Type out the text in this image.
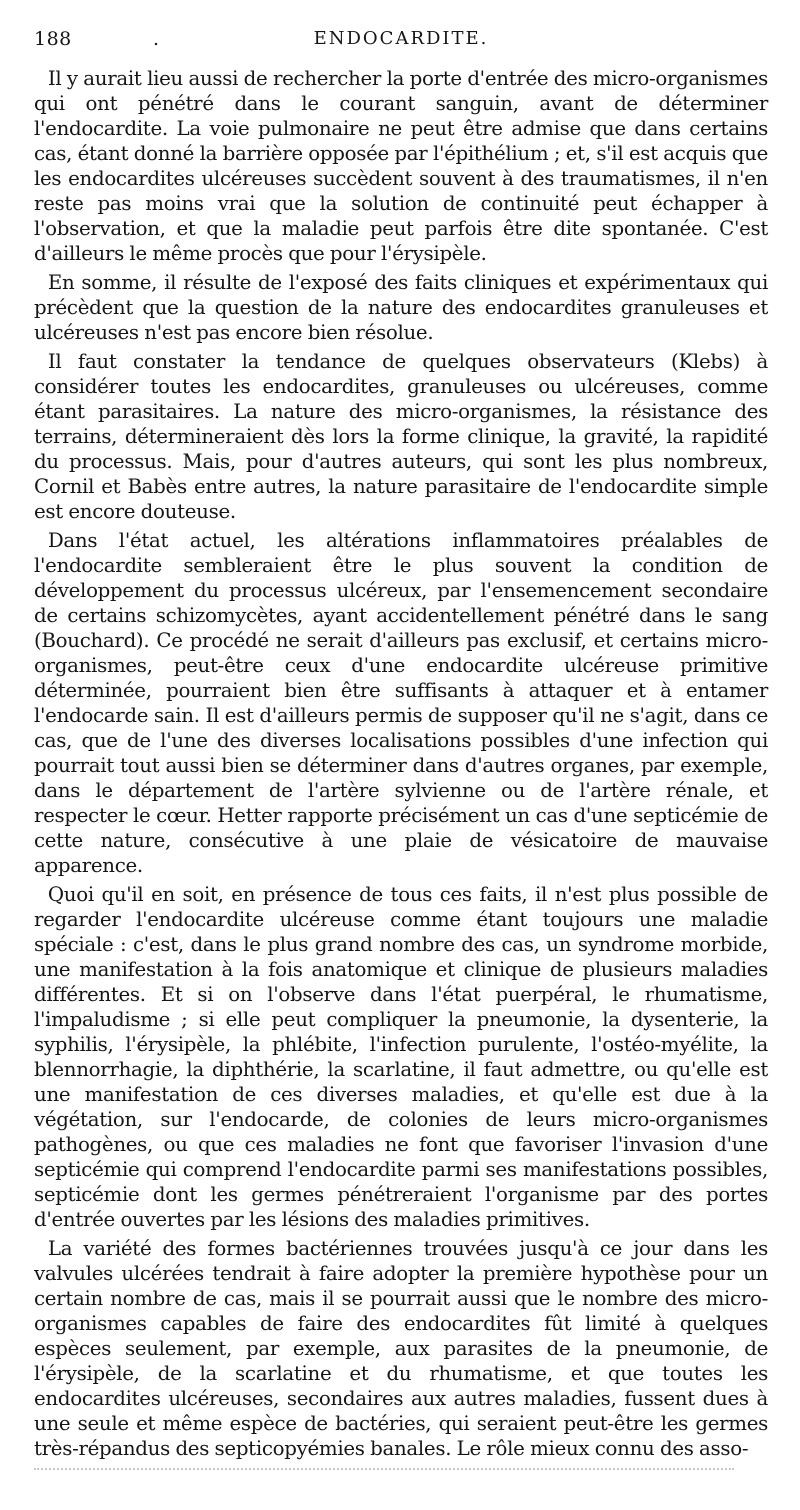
188	.	ENDOCARDITE.

Il y aurait lieu aussi de rechercher la porte d'entrée des micro-organismes qui ont pénétré dans le courant sanguin, avant de déterminer l'endocardite. La voie pulmonaire ne peut être admise que dans certains cas, étant donné la barrière opposée par l'épithélium ; et, s'il est acquis que les endocardites ulcéreuses succèdent souvent à des traumatismes, il n'en reste pas moins vrai que la solution de continuité peut échapper à l'observation, et que la maladie peut parfois être dite spontanée. C'est d'ailleurs le même procès que pour l'érysipèle.

En somme, il résulte de l'exposé des faits cliniques et expérimentaux qui précèdent que la question de la nature des endocardites granuleuses et ulcéreuses n'est pas encore bien résolue.

Il faut constater la tendance de quelques observateurs (Klebs) à considérer toutes les endocardites, granuleuses ou ulcéreuses, comme étant parasitaires. La nature des micro-organismes, la résistance des terrains, détermineraient dès lors la forme clinique, la gravité, la rapidité du processus. Mais, pour d'autres auteurs, qui sont les plus nombreux, Cornil et Babès entre autres, la nature parasitaire de l'endocardite simple est encore douteuse.

Dans l'état actuel, les altérations inflammatoires préalables de l'endocardite sembleraient être le plus souvent la condition de développement du processus ulcéreux, par l'ensemencement secondaire de certains schizomycètes, ayant accidentellement pénétré dans le sang (Bouchard). Ce procédé ne serait d'ailleurs pas exclusif, et certains micro-organismes, peut-être ceux d'une endocardite ulcéreuse primitive déterminée, pourraient bien être suffisants à attaquer et à entamer l'endocarde sain. Il est d'ailleurs permis de supposer qu'il ne s'agit, dans ce cas, que de l'une des diverses localisations possibles d'une infection qui pourrait tout aussi bien se déterminer dans d'autres organes, par exemple, dans le département de l'artère sylvienne ou de l'artère rénale, et respecter le cœur. Hetter rapporte précisément un cas d'une septicémie de cette nature, consécutive à une plaie de vésicatoire de mauvaise apparence.

Quoi qu'il en soit, en présence de tous ces faits, il n'est plus possible de regarder l'endocardite ulcéreuse comme étant toujours une maladie spéciale : c'est, dans le plus grand nombre des cas, un syndrome morbide, une manifestation à la fois anatomique et clinique de plusieurs maladies différentes. Et si on l'observe dans l'état puerpéral, le rhumatisme, l'impaludisme ; si elle peut compliquer la pneumonie, la dysenterie, la syphilis, l'érysipèle, la phlébite, l'infection purulente, l'ostéo-myélite, la blennorrhagie, la diphthérie, la scarlatine, il faut admettre, ou qu'elle est une manifestation de ces diverses maladies, et qu'elle est due à la végétation, sur l'endocarde, de colonies de leurs micro-organismes pathogènes, ou que ces maladies ne font que favoriser l'invasion d'une septicémie qui comprend l'endocardite parmi ses manifestations possibles, septicémie dont les germes pénétreraient l'organisme par des portes d'entrée ouvertes par les lésions des maladies primitives.

La variété des formes bactériennes trouvées jusqu'à ce jour dans les valvules ulcérées tendrait à faire adopter la première hypothèse pour un certain nombre de cas, mais il se pourrait aussi que le nombre des micro-organismes capables de faire des endocardites fût limité à quelques espèces seulement, par exemple, aux parasites de la pneumonie, de l'érysipèle, de la scarlatine et du rhumatisme, et que toutes les endocardites ulcéreuses, secondaires aux autres maladies, fussent dues à une seule et même espèce de bactéries, qui seraient peut-être les germes très-répandus des septicopyémies banales. Le rôle mieux connu des asso-
